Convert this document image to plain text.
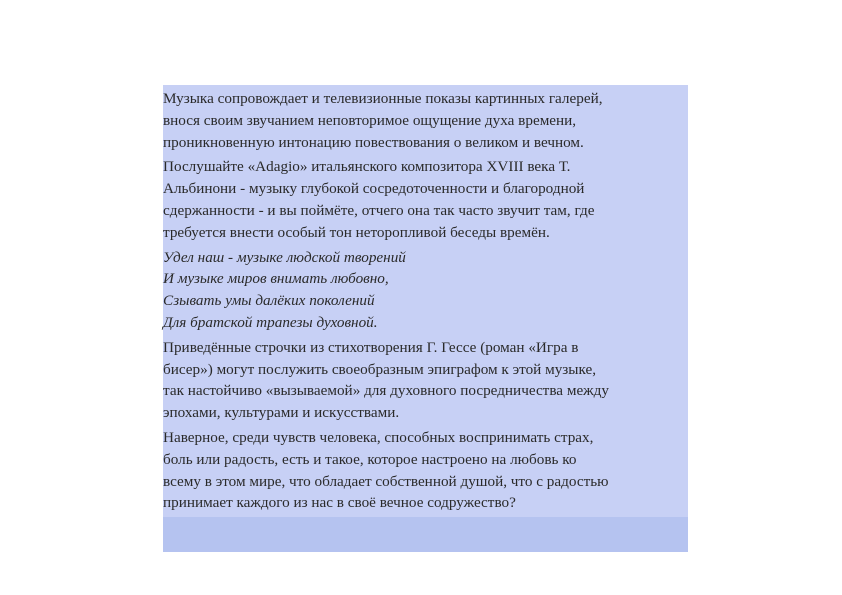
Музыка сопровождает и телевизионные показы картинных галерей,
внося своим звучанием неповторимое ощущение духа времени,
проникновенную интонацию повествования о великом и вечном.

Послушайте «Adagio» итальянского композитора XVIII века Т.
Альбинони - музыку глубокой сосредоточенности и благородной
сдержанности - и вы поймёте, отчего она так часто звучит там, где
требуется внести особый тон неторопливой беседы времён.

Удел наш - музыке людской творений
И музыке миров внимать любовно,
Сзывать умы далёких поколений
Для братской трапезы духовной.

Приведённые строчки из стихотворения Г. Гессе (роман «Игра в
бисер») могут послужить своеобразным эпиграфом к этой музыке,
так настойчиво «вызываемой» для духовного посредничества между
эпохами, культурами и искусствами.

Наверное, среди чувств человека, способных воспринимать страх,
боль или радость, есть и такое, которое настроено на любовь ко
всему в этом мире, что обладает собственной душой, что с радостью
принимает каждого из нас в своё вечное содружество?
